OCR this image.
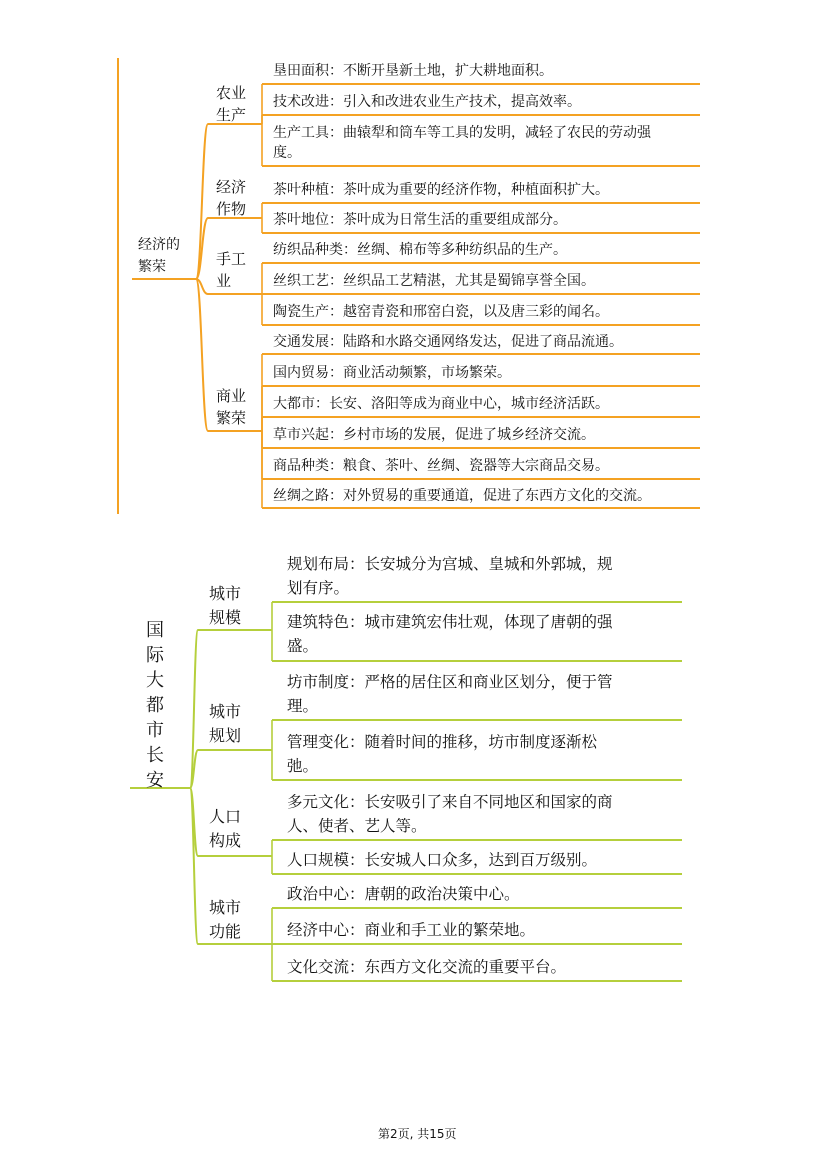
经济的
繁荣
农业
生产
垦田面积：不断开垦新土地，扩大耕地面积。
技术改进：引入和改进农业生产技术，提高效率。
生产工具：曲辕犁和筒车等工具的发明，减轻了农民的劳动强
度。
经济
作物
茶叶种植：茶叶成为重要的经济作物，种植面积扩大。
茶叶地位：茶叶成为日常生活的重要组成部分。
手工
业
纺织品种类：丝绸、棉布等多种纺织品的生产。
丝织工艺：丝织品工艺精湛，尤其是蜀锦享誉全国。
陶瓷生产：越窑青瓷和邢窑白瓷，以及唐三彩的闻名。
商业
繁荣
交通发展：陆路和水路交通网络发达，促进了商品流通。
国内贸易：商业活动频繁，市场繁荣。
大都市：长安、洛阳等成为商业中心，城市经济活跃。
草市兴起：乡村市场的发展，促进了城乡经济交流。
商品种类：粮食、茶叶、丝绸、瓷器等大宗商品交易。
丝绸之路：对外贸易的重要通道，促进了东西方文化的交流。
国
际
大
都
市
长
安
城市
规模
规划布局：长安城分为宫城、皇城和外郭城，规
划有序。
建筑特色：城市建筑宏伟壮观，体现了唐朝的强
盛。
城市
规划
坊市制度：严格的居住区和商业区划分，便于管
理。
管理变化：随着时间的推移，坊市制度逐渐松
弛。
人口
构成
多元文化：长安吸引了来自不同地区和国家的商
人、使者、艺人等。
人口规模：长安城人口众多，达到百万级别。
城市
功能
政治中心：唐朝的政治决策中心。
经济中心：商业和手工业的繁荣地。
文化交流：东西方文化交流的重要平台。
第2页, 共15页
